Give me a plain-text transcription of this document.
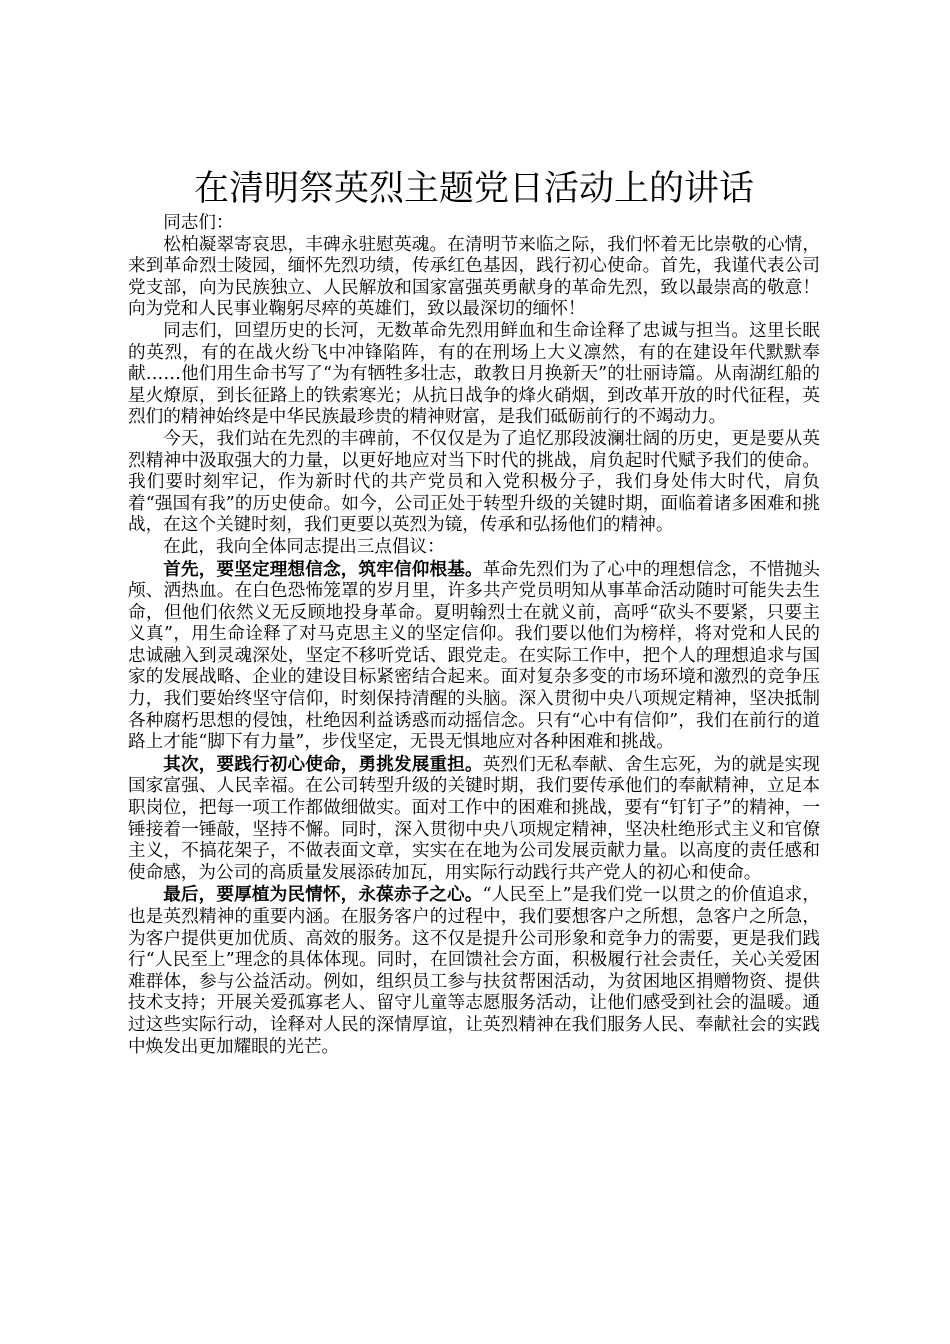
在清明祭英烈主题党日活动上的讲话

同志们：

松柏凝翠寄哀思，丰碑永驻慰英魂。在清明节来临之际，我们怀着无比崇敬的心情，来到革命烈士陵园，缅怀先烈功绩，传承红色基因，践行初心使命。首先，我谨代表公司党支部，向为民族独立、人民解放和国家富强英勇献身的革命先烈，致以最崇高的敬意！向为党和人民事业鞠躬尽瘁的英雄们，致以最深切的缅怀！

同志们，回望历史的长河，无数革命先烈用鲜血和生命诠释了忠诚与担当。这里长眠的英烈，有的在战火纷飞中冲锋陷阵，有的在刑场上大义凛然，有的在建设年代默默奉献……他们用生命书写了“为有牺牲多壮志，敢教日月换新天”的壮丽诗篇。从南湖红船的星火燎原，到长征路上的铁索寒光；从抗日战争的烽火硝烟，到改革开放的时代征程，英烈们的精神始终是中华民族最珍贵的精神财富，是我们砥砺前行的不竭动力。

今天，我们站在先烈的丰碑前，不仅仅是为了追忆那段波澜壮阔的历史，更是要从英烈精神中汲取强大的力量，以更好地应对当下时代的挑战，肩负起时代赋予我们的使命。我们要时刻牢记，作为新时代的共产党员和入党积极分子，我们身处伟大时代，肩负着“强国有我”的历史使命。如今，公司正处于转型升级的关键时期，面临着诸多困难和挑战，在这个关键时刻，我们更要以英烈为镜，传承和弘扬他们的精神。

在此，我向全体同志提出三点倡议：

首先，要坚定理想信念，筑牢信仰根基。革命先烈们为了心中的理想信念，不惜抛头颅、洒热血。在白色恐怖笼罩的岁月里，许多共产党员明知从事革命活动随时可能失去生命，但他们依然义无反顾地投身革命。夏明翰烈士在就义前，高呼“砍头不要紧，只要主义真”，用生命诠释了对马克思主义的坚定信仰。我们要以他们为榜样，将对党和人民的忠诚融入到灵魂深处，坚定不移听党话、跟党走。在实际工作中，把个人的理想追求与国家的发展战略、企业的建设目标紧密结合起来。面对复杂多变的市场环境和激烈的竞争压力，我们要始终坚守信仰，时刻保持清醒的头脑。深入贯彻中央八项规定精神，坚决抵制各种腐朽思想的侵蚀，杜绝因利益诱惑而动摇信念。只有“心中有信仰”，我们在前行的道路上才能“脚下有力量”，步伐坚定，无畏无惧地应对各种困难和挑战。

其次，要践行初心使命，勇挑发展重担。英烈们无私奉献、舍生忘死，为的就是实现国家富强、人民幸福。在公司转型升级的关键时期，我们要传承他们的奉献精神，立足本职岗位，把每一项工作都做细做实。面对工作中的困难和挑战，要有“钉钉子”的精神，一锤接着一锤敲，坚持不懈。同时，深入贯彻中央八项规定精神，坚决杜绝形式主义和官僚主义，不搞花架子，不做表面文章，实实在在地为公司发展贡献力量。以高度的责任感和使命感，为公司的高质量发展添砖加瓦，用实际行动践行共产党人的初心和使命。

最后，要厚植为民情怀，永葆赤子之心。“人民至上”是我们党一以贯之的价值追求，也是英烈精神的重要内涵。在服务客户的过程中，我们要想客户之所想，急客户之所急，为客户提供更加优质、高效的服务。这不仅是提升公司形象和竞争力的需要，更是我们践行“人民至上”理念的具体体现。同时，在回馈社会方面，积极履行社会责任，关心关爱困难群体，参与公益活动。例如，组织员工参与扶贫帮困活动，为贫困地区捐赠物资、提供技术支持；开展关爱孤寡老人、留守儿童等志愿服务活动，让他们感受到社会的温暖。通过这些实际行动，诠释对人民的深情厚谊，让英烈精神在我们服务人民、奉献社会的实践中焕发出更加耀眼的光芒。
